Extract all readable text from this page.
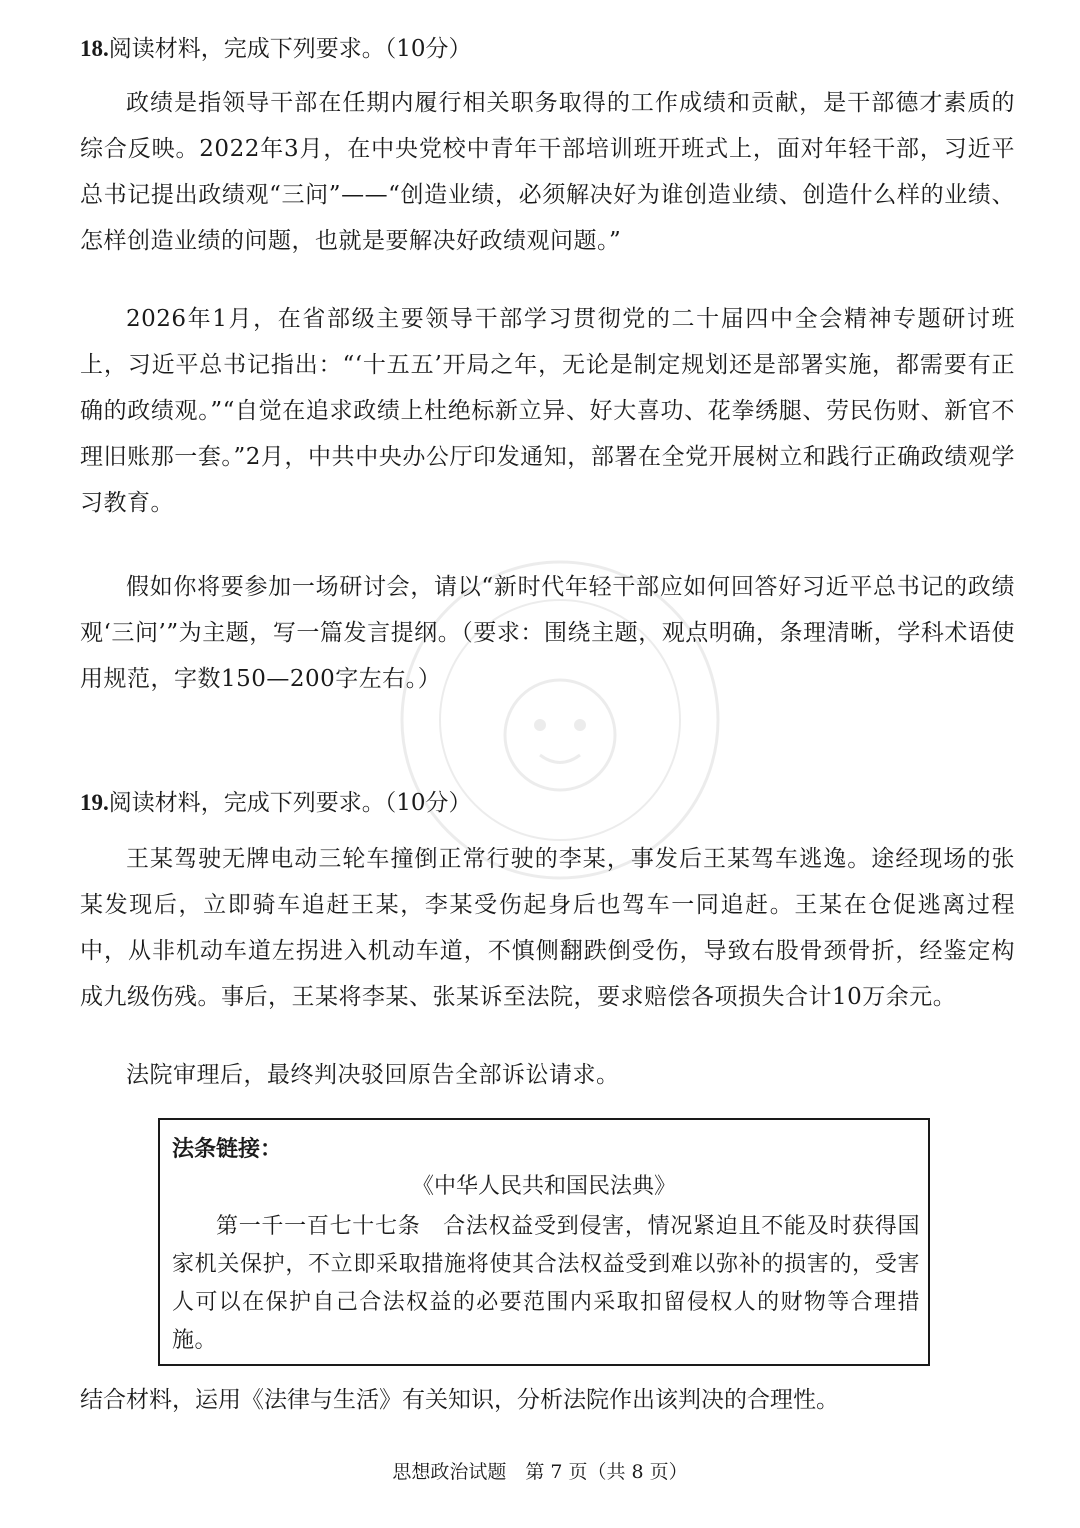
18.阅读材料，完成下列要求。（10分）
政绩是指领导干部在任期内履行相关职务取得的工作成绩和贡献，是干部德才素质的综合反映。2022年3月，在中央党校中青年干部培训班开班式上，面对年轻干部，习近平总书记提出政绩观“三问”——“创造业绩，必须解决好为谁创造业绩、创造什么样的业绩、怎样创造业绩的问题，也就是要解决好政绩观问题。”
2026年1月，在省部级主要领导干部学习贯彻党的二十届四中全会精神专题研讨班上，习近平总书记指出：“‘十五五’开局之年，无论是制定规划还是部署实施，都需要有正确的政绩观。”“自觉在追求政绩上杜绝标新立异、好大喜功、花拳绣腿、劳民伤财、新官不理旧账那一套。”2月，中共中央办公厅印发通知，部署在全党开展树立和践行正确政绩观学习教育。
假如你将要参加一场研讨会，请以“新时代年轻干部应如何回答好习近平总书记的政绩观‘三问’”为主题，写一篇发言提纲。（要求：围绕主题，观点明确，条理清晰，学科术语使用规范，字数150—200字左右。）
19.阅读材料，完成下列要求。（10分）
王某驾驶无牌电动三轮车撞倒正常行驶的李某，事发后王某驾车逃逸。途经现场的张某发现后，立即骑车追赶王某，李某受伤起身后也驾车一同追赶。王某在仓促逃离过程中，从非机动车道左拐进入机动车道，不慎侧翻跌倒受伤，导致右股骨颈骨折，经鉴定构成九级伤残。事后，王某将李某、张某诉至法院，要求赔偿各项损失合计10万余元。
法院审理后，最终判决驳回原告全部诉讼请求。
法条链接：
《中华人民共和国民法典》
第一千一百七十七条　合法权益受到侵害，情况紧迫且不能及时获得国家机关保护，不立即采取措施将使其合法权益受到难以弥补的损害的，受害人可以在保护自己合法权益的必要范围内采取扣留侵权人的财物等合理措施。
结合材料，运用《法律与生活》有关知识，分析法院作出该判决的合理性。
思想政治试题　第 7 页（共 8 页）
